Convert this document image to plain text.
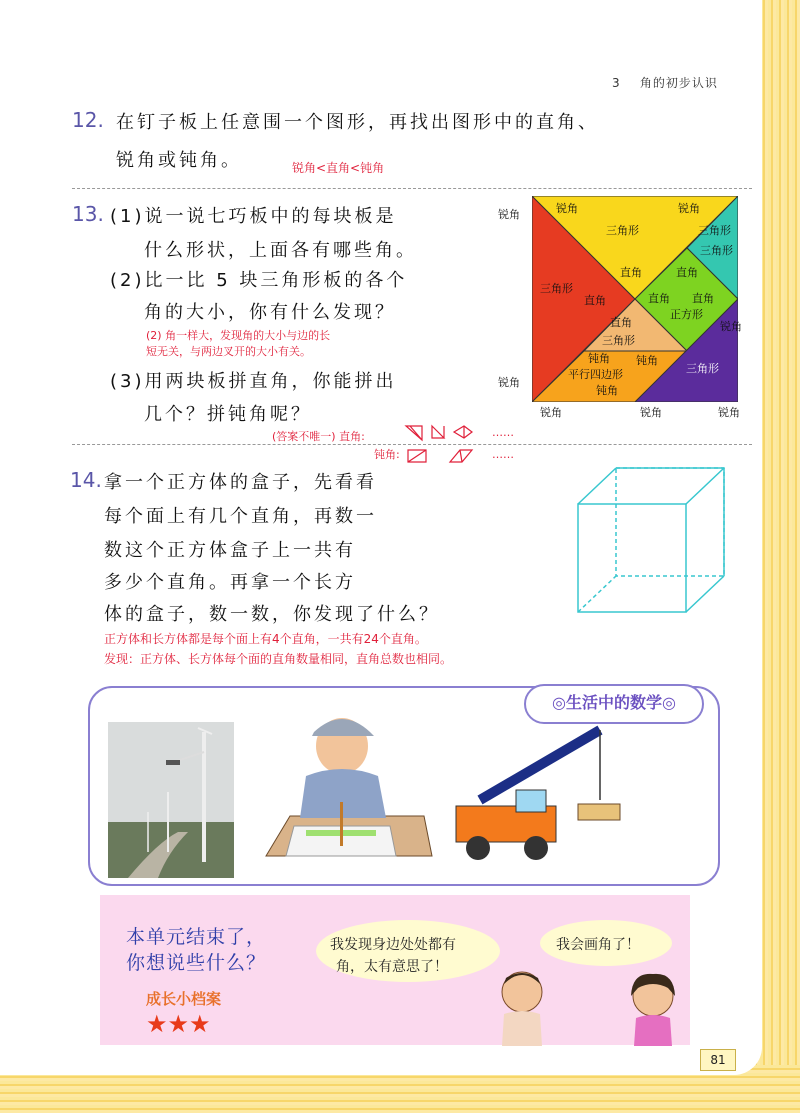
3 角的初步认识
12. 在钉子板上任意围一个图形，再找出图形中的直角、
锐角或钝角。	锐角<直角<钝角
13. (1)说一说七巧板中的每块板是
什么形状，上面各有哪些角。
(2)比一比 5 块三角形板的各个
角的大小，你有什么发现？
(2) 角一样大，发现角的大小与边的长
短无关，与两边叉开的大小有关。
(3)用两块板拼直角，你能拼出
几个？拼钝角呢？
(答案不唯一) 直角:	……
钝角:	……
锐角	锐角
三角形	三角形
三角形
三角形
直角	直角
直角	直角 直角
正方形
直角
三角形
钝角 钝角
平行四边形
钝角
三角形
锐角
锐角
锐角	锐角	锐角
锐角
14. 拿一个正方体的盒子，先看看
每个面上有几个直角，再数一
数这个正方体盒子上一共有
多少个直角。再拿一个长方
体的盒子，数一数，你发现了什么？
正方体和长方体都是每个面上有4个直角，一共有24个直角。
发现：正方体、长方体每个面的直角数量相同，直角总数也相同。
◎生活中的数学◎
本单元结束了，
你想说些什么？
成长小档案
★★★
我发现身边处处都有
角，太有意思了！
我会画角了！
81
